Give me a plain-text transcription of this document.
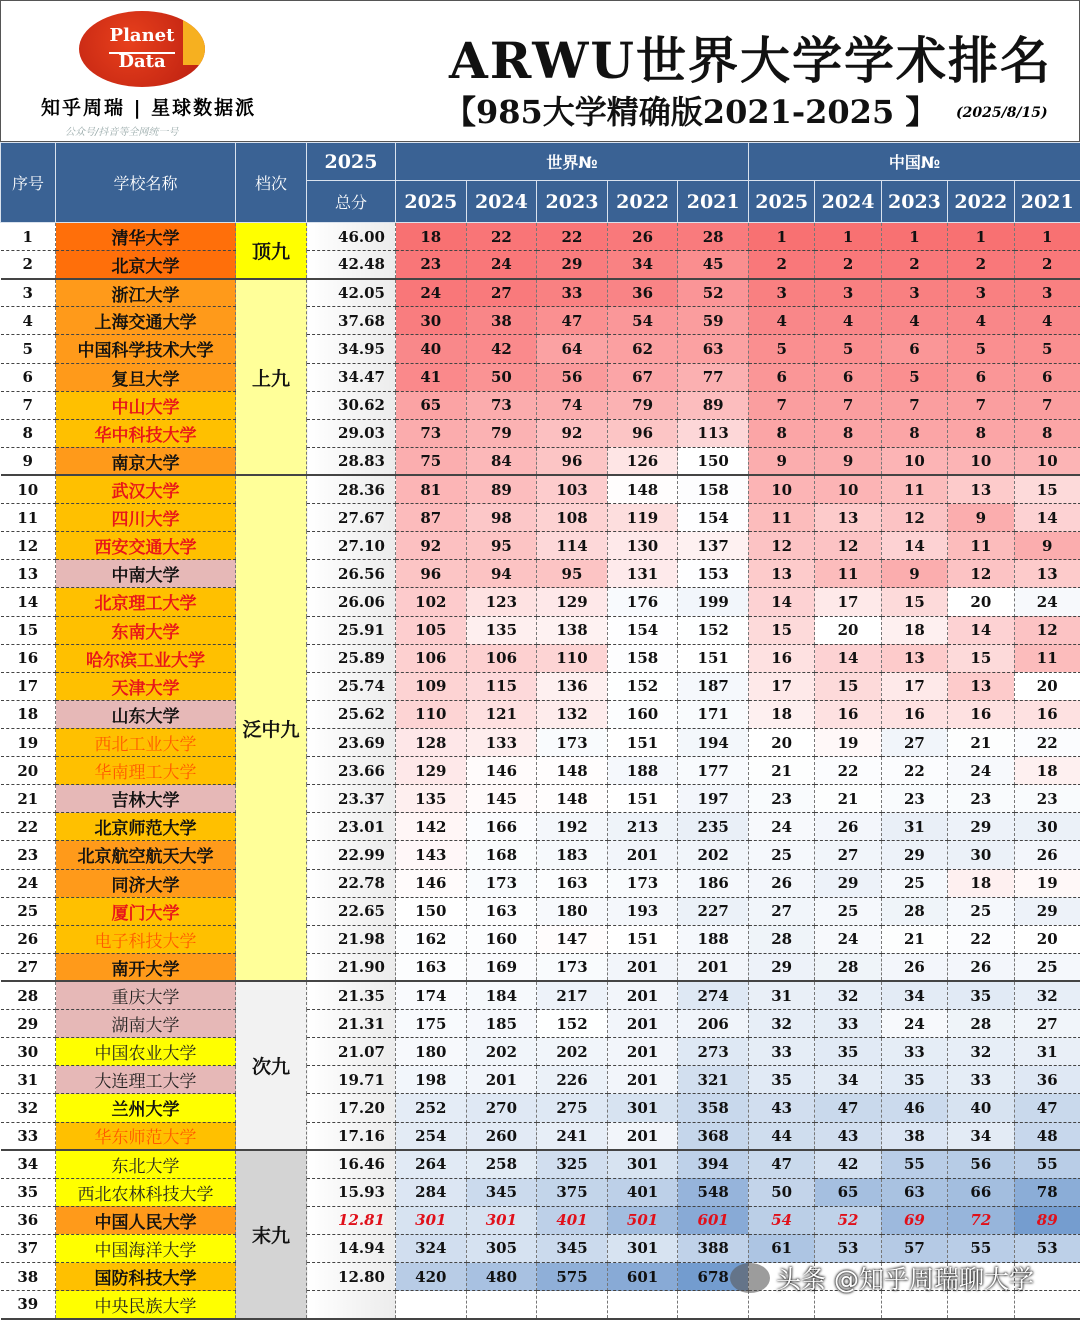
Planet
Data
知乎周瑞 | 星球数据派
公众号/抖音等全网统一号
ARWU世界大学学术排名
【985大学精确版2021-2025 】 (2025/8/15)
序号	学校名称	档次	2025	世界№					中国№				
			总分	2025	2024	2023	2022	2021	2025	2024	2023	2022	2021
1	清华大学	顶九	46.00	18	22	22	26	28	1	1	1	1	1
2	北京大学		42.48	23	24	29	34	45	2	2	2	2	2
3	浙江大学	上九	42.05	24	27	33	36	52	3	3	3	3	3
4	上海交通大学		37.68	30	38	47	54	59	4	4	4	4	4
5	中国科学技术大学		34.95	40	42	64	62	63	5	5	6	5	5
6	复旦大学		34.47	41	50	56	67	77	6	6	5	6	6
7	中山大学		30.62	65	73	74	79	89	7	7	7	7	7
8	华中科技大学		29.03	73	79	92	96	113	8	8	8	8	8
9	南京大学		28.83	75	84	96	126	150	9	9	10	10	10
10	武汉大学	泛中九	28.36	81	89	103	148	158	10	10	11	13	15
11	四川大学		27.67	87	98	108	119	154	11	13	12	9	14
12	西安交通大学		27.10	92	95	114	130	137	12	12	14	11	9
13	中南大学		26.56	96	94	95	131	153	13	11	9	12	13
14	北京理工大学		26.06	102	123	129	176	199	14	17	15	20	24
15	东南大学		25.91	105	135	138	154	152	15	20	18	14	12
16	哈尔滨工业大学		25.89	106	106	110	158	151	16	14	13	15	11
17	天津大学		25.74	109	115	136	152	187	17	15	17	13	20
18	山东大学		25.62	110	121	132	160	171	18	16	16	16	16
19	西北工业大学		23.69	128	133	173	151	194	20	19	27	21	22
20	华南理工大学		23.66	129	146	148	188	177	21	22	22	24	18
21	吉林大学		23.37	135	145	148	151	197	23	21	23	23	23
22	北京师范大学		23.01	142	166	192	213	235	24	26	31	29	30
23	北京航空航天大学		22.99	143	168	183	201	202	25	27	29	30	26
24	同济大学		22.78	146	173	163	173	186	26	29	25	18	19
25	厦门大学		22.65	150	163	180	193	227	27	25	28	25	29
26	电子科技大学		21.98	162	160	147	151	188	28	24	21	22	20
27	南开大学		21.90	163	169	173	201	201	29	28	26	26	25
28	重庆大学	次九	21.35	174	184	217	201	274	31	32	34	35	32
29	湖南大学		21.31	175	185	152	201	206	32	33	24	28	27
30	中国农业大学		21.07	180	202	202	201	273	33	35	33	32	31
31	大连理工大学		19.71	198	201	226	201	321	35	34	35	33	36
32	兰州大学		17.20	252	270	275	301	358	43	47	46	40	47
33	华东师范大学		17.16	254	260	241	201	368	44	43	38	34	48
34	东北大学	末九	16.46	264	258	325	301	394	47	42	55	56	55
35	西北农林科技大学		15.93	284	345	375	401	548	50	65	63	66	78
36	中国人民大学		12.81	301	301	401	501	601	54	52	69	72	89
37	中国海洋大学		14.94	324	305	345	301	388	61	53	57	55	53
38	国防科技大学		12.80	420	480	575	601	678					
39	中央民族大学												
头条 @知乎周瑞聊大学
